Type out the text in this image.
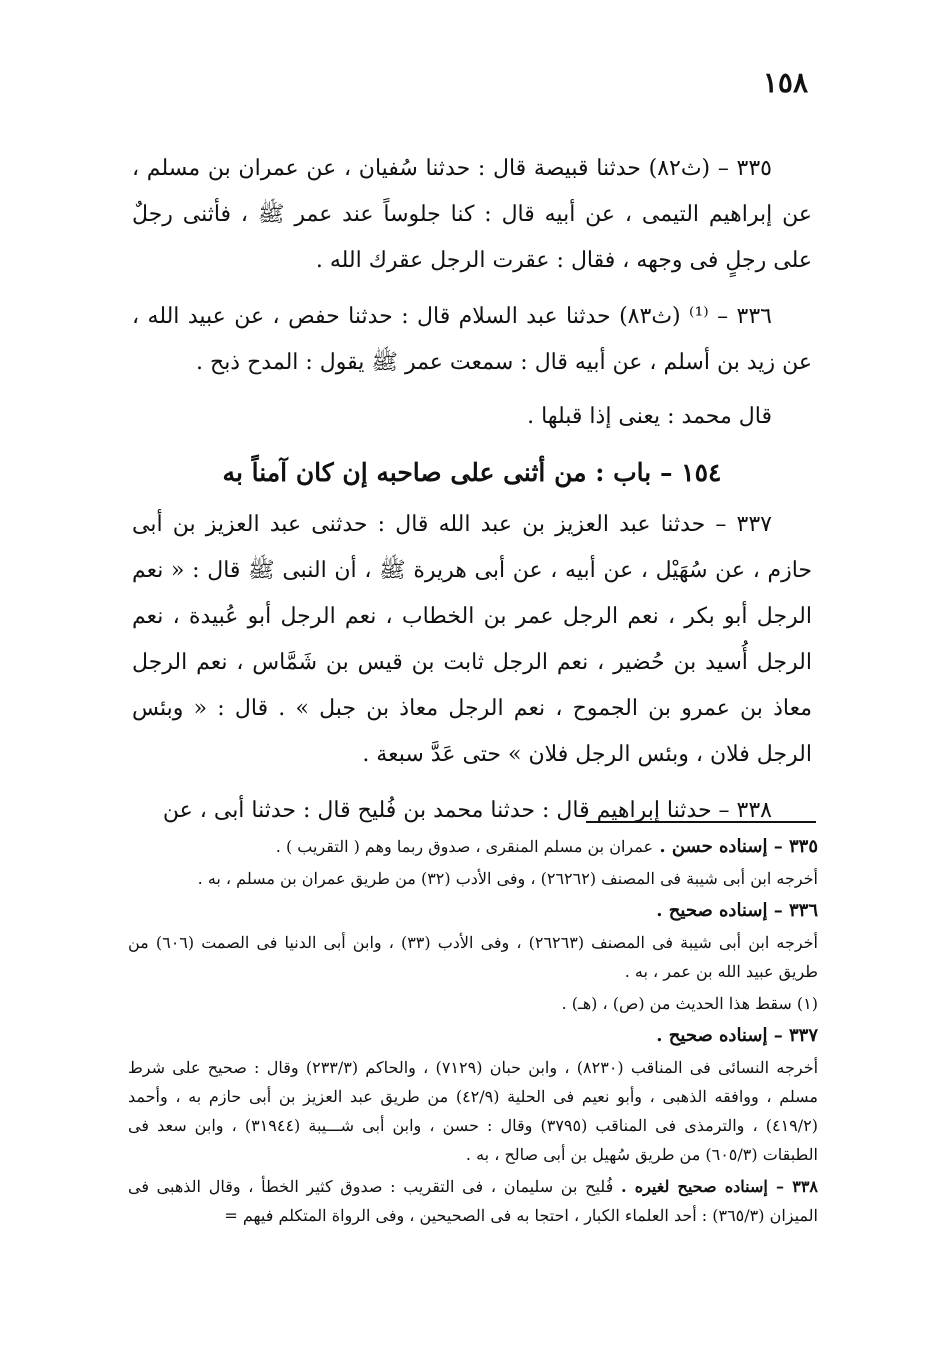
١٥٨

٣٣٥ – (ث٨٢) حدثنا قبيصة قال : حدثنا سُفيان ، عن عمران بن مسلم ، عن إبراهيم التيمى ، عن أبيه قال : كنا جلوساً عند عمر ﷺ ، فأثنى رجلٌ على رجلٍ فى وجهه ، فقال : عقرت الرجل عقرك الله .

٣٣٦ – ⁽¹⁾ (ث٨٣) حدثنا عبد السلام قال : حدثنا حفص ، عن عبيد الله ، عن زيد بن أسلم ، عن أبيه قال : سمعت عمر ﷺ يقول : المدح ذبح .

قال محمد : يعنى إذا قبلها .

١٥٤ – باب : من أثنى على صاحبه إن كان آمناً به

٣٣٧ – حدثنا عبد العزيز بن عبد الله قال : حدثنى عبد العزيز بن أبى حازم ، عن سُهَيْل ، عن أبيه ، عن أبى هريرة ﷺ ، أن النبى ﷺ قال : « نعم الرجل أبو بكر ، نعم الرجل عمر بن الخطاب ، نعم الرجل أبو عُبيدة ، نعم الرجل أُسيد بن حُضير ، نعم الرجل ثابت بن قيس بن شَمَّاس ، نعم الرجل معاذ بن عمرو بن الجموح ، نعم الرجل معاذ بن جبل » . قال : « وبئس الرجل فلان ، وبئس الرجل فلان » حتى عَدَّ سبعة .

٣٣٨ – حدثنا إبراهيم قال : حدثنا محمد بن فُليح قال : حدثنا أبى ، عن

٣٣٥ – إسناده حسن . عمران بن مسلم المنقرى ، صدوق ربما وهم ( التقريب ) .

أخرجه ابن أبى شيبة فى المصنف (٢٦٢٦٢) ، وفى الأدب (٣٢) من طريق عمران بن مسلم ، به .

٣٣٦ – إسناده صحيح .

أخرجه ابن أبى شيبة فى المصنف (٢٦٢٦٣) ، وفى الأدب (٣٣) ، وابن أبى الدنيا فى الصمت (٦٠٦) من طريق عبيد الله بن عمر ، به .

(١) سقط هذا الحديث من (ص) ، (هـ) .

٣٣٧ – إسناده صحيح .

أخرجه النسائى فى المناقب (٨٢٣٠) ، وابن حبان (٧١٢٩) ، والحاكم (٢٣٣/٣) وقال : صحيح على شرط مسلم ، ووافقه الذهبى ، وأبو نعيم فى الحلية (٤٢/٩) من طريق عبد العزيز بن أبى حازم به ، وأحمد (٤١٩/٢) ، والترمذى فى المناقب (٣٧٩٥) وقال : حسن ، وابن أبى شـــيبة (٣١٩٤٤) ، وابن سعد فى الطبقات (٦٠٥/٣) من طريق سُهيل بن أبى صالح ، به .

٣٣٨ – إسناده صحيح لغيره . فُليح بن سليمان ، فى التقريب : صدوق كثير الخطأ ، وقال الذهبى فى الميزان (٣٦٥/٣) : أحد العلماء الكبار ، احتجا به فى الصحيحين ، وفى الرواة المتكلم فيهم =
